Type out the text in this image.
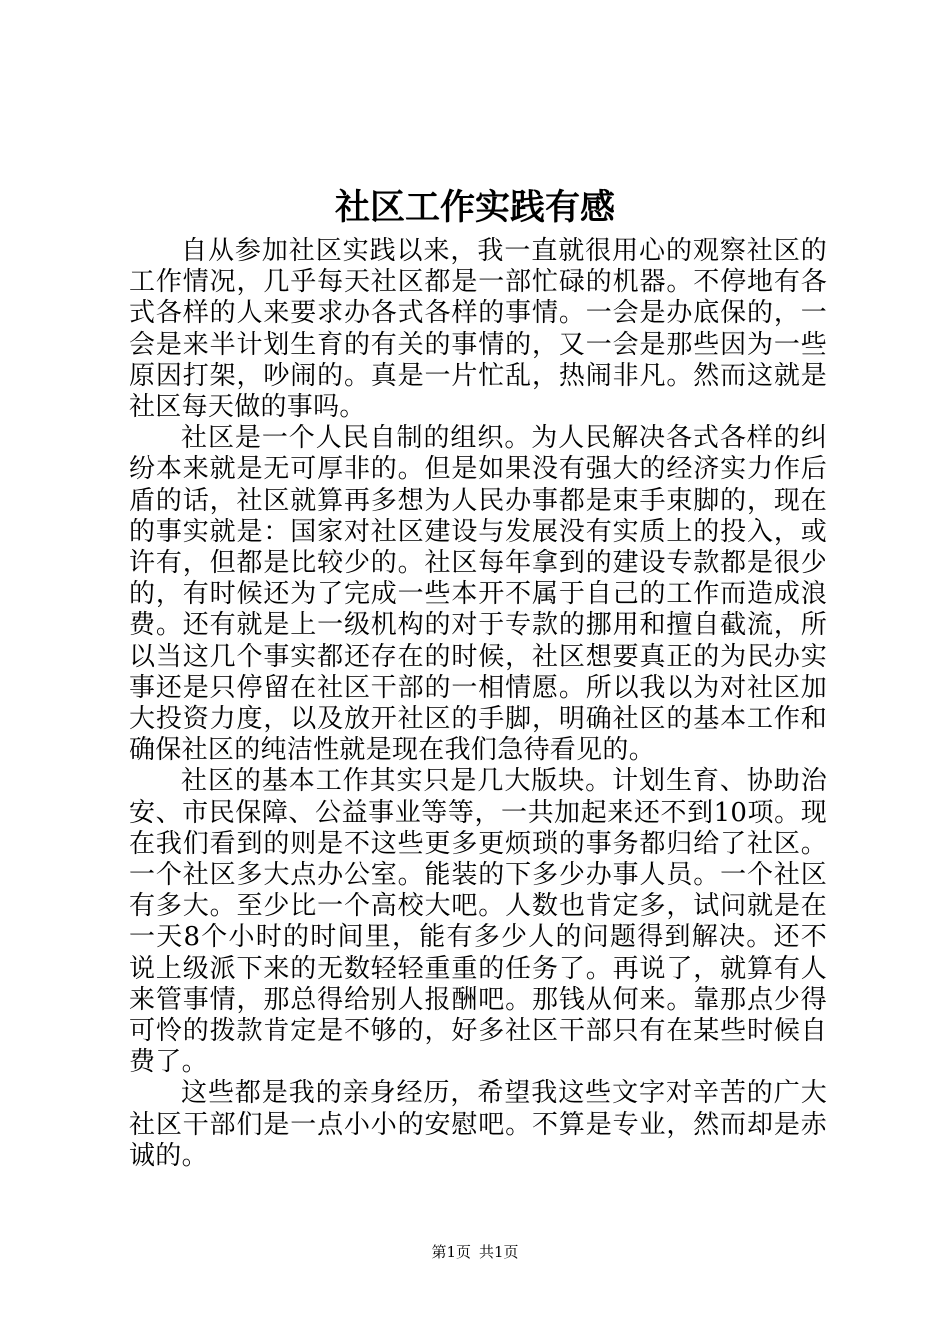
社区工作实践有感

自从参加社区实践以来，我一直就很用心的观察社区的工作情况，几乎每天社区都是一部忙碌的机器。不停地有各式各样的人来要求办各式各样的事情。一会是办底保的，一会是来半计划生育的有关的事情的，又一会是那些因为一些原因打架，吵闹的。真是一片忙乱，热闹非凡。然而这就是社区每天做的事吗。

社区是一个人民自制的组织。为人民解决各式各样的纠纷本来就是无可厚非的。但是如果没有强大的经济实力作后盾的话，社区就算再多想为人民办事都是束手束脚的，现在的事实就是：国家对社区建设与发展没有实质上的投入，或许有，但都是比较少的。社区每年拿到的建设专款都是很少的，有时候还为了完成一些本开不属于自己的工作而造成浪费。还有就是上一级机构的对于专款的挪用和擅自截流，所以当这几个事实都还存在的时候，社区想要真正的为民办实事还是只停留在社区干部的一相情愿。所以我以为对社区加大投资力度，以及放开社区的手脚，明确社区的基本工作和确保社区的纯洁性就是现在我们急待看见的。

社区的基本工作其实只是几大版块。计划生育、协助治安、市民保障、公益事业等等，一共加起来还不到10项。现在我们看到的则是不这些更多更烦琐的事务都归给了社区。一个社区多大点办公室。能装的下多少办事人员。一个社区有多大。至少比一个高校大吧。人数也肯定多，试问就是在一天8个小时的时间里，能有多少人的问题得到解决。还不说上级派下来的无数轻轻重重的任务了。再说了，就算有人来管事情，那总得给别人报酬吧。那钱从何来。靠那点少得可怜的拨款肯定是不够的，好多社区干部只有在某些时候自费了。

这些都是我的亲身经历，希望我这些文字对辛苦的广大社区干部们是一点小小的安慰吧。不算是专业，然而却是赤诚的。

第1页 共1页
